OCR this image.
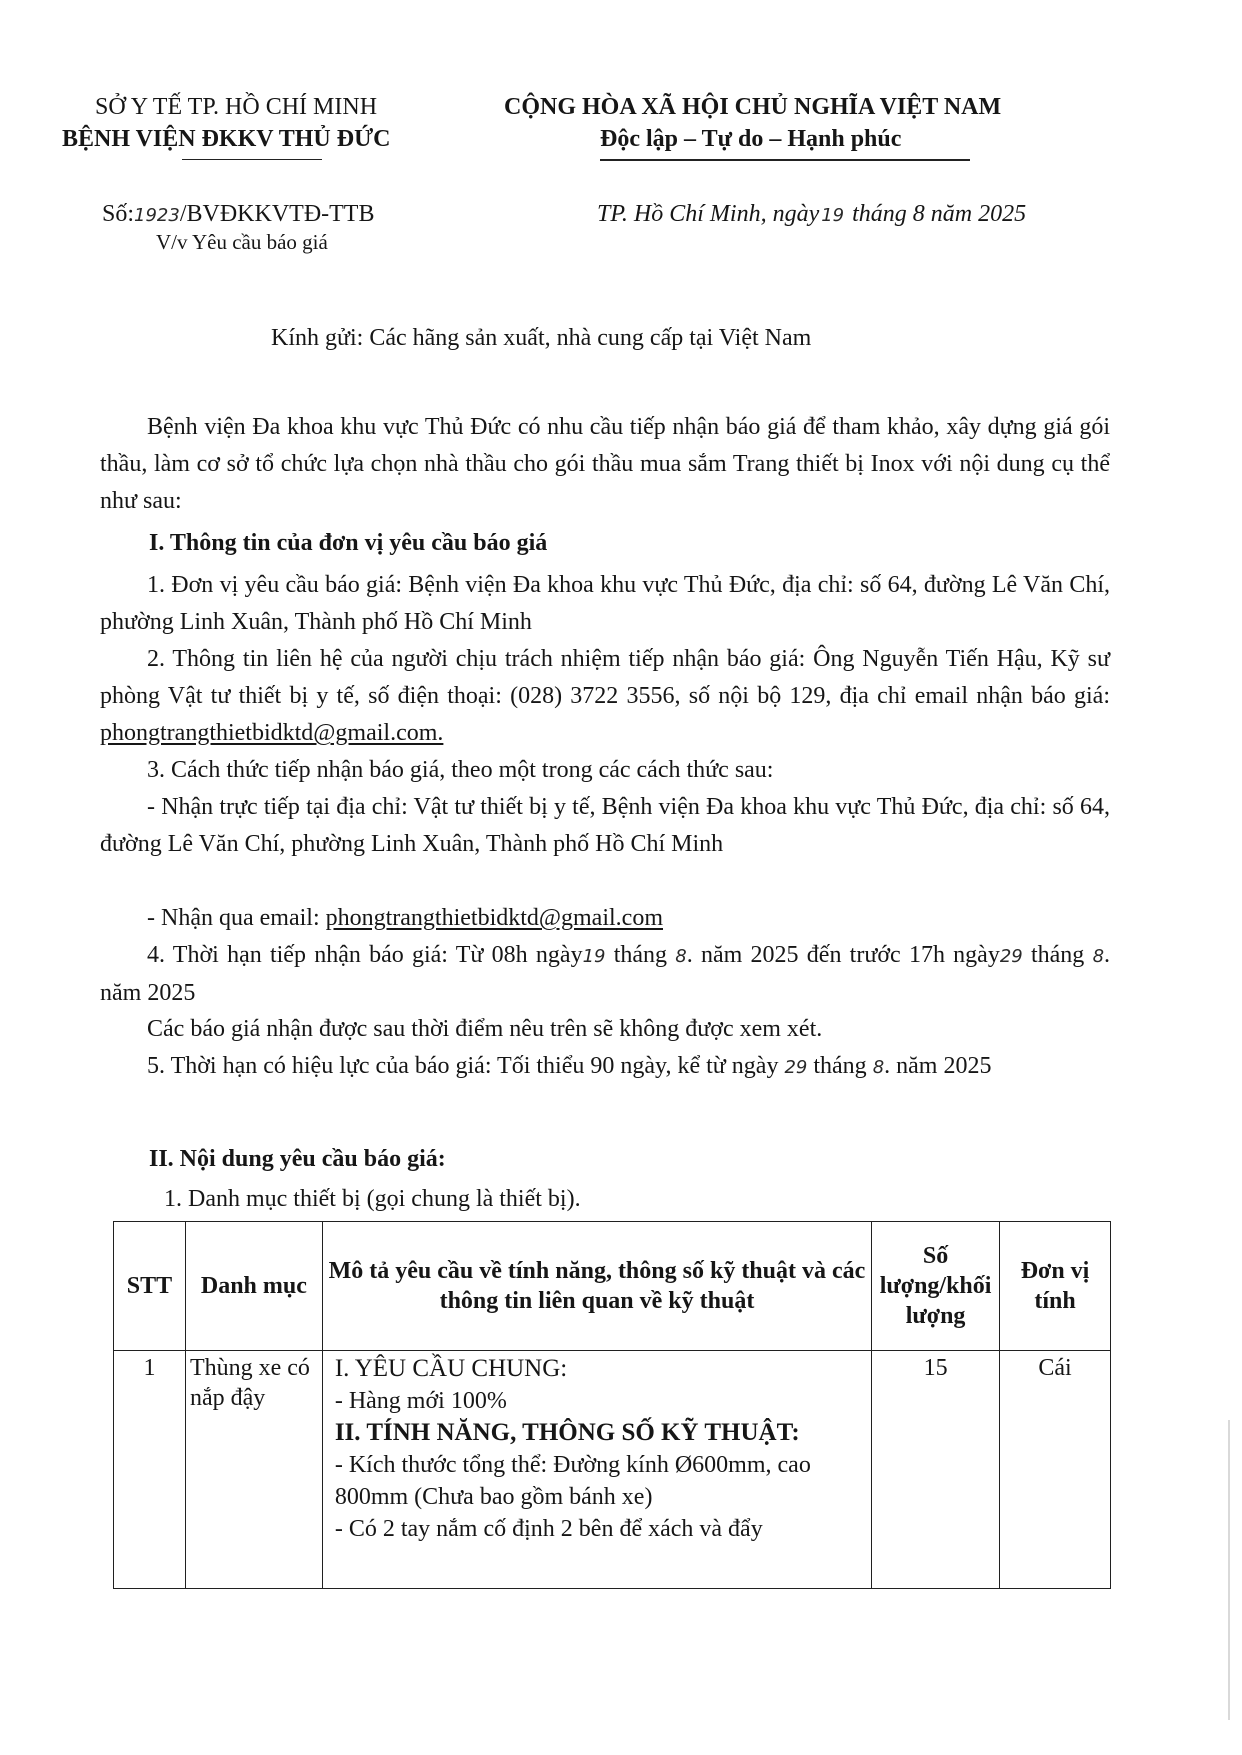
SỞ Y TẾ TP. HỒ CHÍ MINH
BỆNH VIỆN ĐKKV THỦ ĐỨC
CỘNG HÒA XÃ HỘI CHỦ NGHĨA VIỆT NAM
Độc lập – Tự do – Hạnh phúc
Số:1923/BVĐKKVTĐ-TTB
V/v Yêu cầu báo giá
TP. Hồ Chí Minh, ngày 19 tháng 8 năm 2025
Kính gửi: Các hãng sản xuất, nhà cung cấp tại Việt Nam
Bệnh viện Đa khoa khu vực Thủ Đức có nhu cầu tiếp nhận báo giá để tham khảo, xây dựng giá gói thầu, làm cơ sở tổ chức lựa chọn nhà thầu cho gói thầu mua sắm Trang thiết bị Inox với nội dung cụ thể như sau:
I. Thông tin của đơn vị yêu cầu báo giá
1. Đơn vị yêu cầu báo giá: Bệnh viện Đa khoa khu vực Thủ Đức, địa chỉ: số 64, đường Lê Văn Chí, phường Linh Xuân, Thành phố Hồ Chí Minh
2. Thông tin liên hệ của người chịu trách nhiệm tiếp nhận báo giá: Ông Nguyễn Tiến Hậu, Kỹ sư phòng Vật tư thiết bị y tế, số điện thoại: (028) 3722 3556, số nội bộ 129, địa chỉ email nhận báo giá: phongtrangthietbidktd@gmail.com.
3. Cách thức tiếp nhận báo giá, theo một trong các cách thức sau:
- Nhận trực tiếp tại địa chỉ: Vật tư thiết bị y tế, Bệnh viện Đa khoa khu vực Thủ Đức, địa chỉ: số 64, đường Lê Văn Chí, phường Linh Xuân, Thành phố Hồ Chí Minh
- Nhận qua email: phongtrangthietbidktd@gmail.com
4. Thời hạn tiếp nhận báo giá: Từ 08h ngày19 tháng 8. năm 2025 đến trước 17h ngày29 tháng 8. năm 2025
Các báo giá nhận được sau thời điểm nêu trên sẽ không được xem xét.
5. Thời hạn có hiệu lực của báo giá: Tối thiểu 90 ngày, kể từ ngày 29 tháng 8. năm 2025
II. Nội dung yêu cầu báo giá:
1. Danh mục thiết bị (gọi chung là thiết bị).
STT	Danh mục	Mô tả yêu cầu về tính năng, thông số kỹ thuật và các thông tin liên quan về kỹ thuật	Số lượng/khối lượng	Đơn vị tính
1	Thùng xe có nắp đậy	I. YÊU CẦU CHUNG:
- Hàng mới 100%
II. TÍNH NĂNG, THÔNG SỐ KỸ THUẬT:
- Kích thước tổng thể: Đường kính Ø600mm, cao 800mm (Chưa bao gồm bánh xe)
- Có 2 tay nắm cố định 2 bên để xách và đẩy	15	Cái
